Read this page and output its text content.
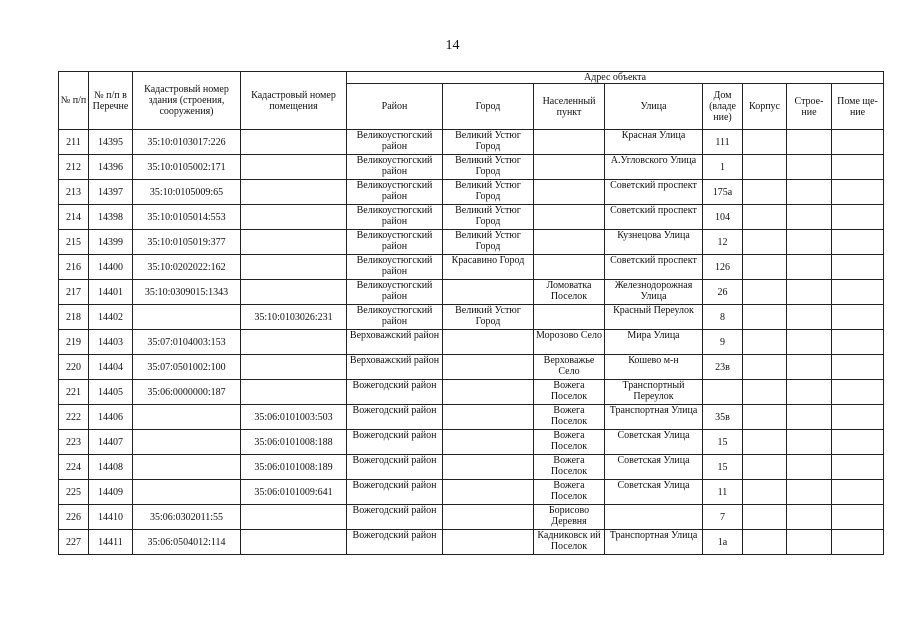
14
№ п/п	№ п/п в Перечне	Кадастровый номер здания (строения, сооружения)	Кадастровый номер помещения	Адрес объекта							
				Район	Город	Населенный пункт	Улица	Дом (владе ние)	Корпус	Строе- ние	Поме ще- ние
211	14395	35:10:0103017:226		Великоустюгский район	Великий Устюг Город		Красная Улица	111			
212	14396	35:10:0105002:171		Великоустюгский район	Великий Устюг Город		А.Угловского Улица	1			
213	14397	35:10:0105009:65		Великоустюгский район	Великий Устюг Город		Советский проспект	175а			
214	14398	35:10:0105014:553		Великоустюгский район	Великий Устюг Город		Советский проспект	104			
215	14399	35:10:0105019:377		Великоустюгский район	Великий Устюг Город		Кузнецова Улица	12			
216	14400	35:10:0202022:162		Великоустюгский район	Красавино Город		Советский проспект	126			
217	14401	35:10:0309015:1343		Великоустюгский район		Ломоватка Поселок	Железнодорожная Улица	26			
218	14402		35:10:0103026:231	Великоустюгский район	Великий Устюг Город		Красный Переулок	8			
219	14403	35:07:0104003:153		Верховажский район		Морозово Село	Мира Улица	9			
220	14404	35:07:0501002:100		Верховажский район		Верховажье Село	Кошево м-н	23в			
221	14405	35:06:0000000:187		Вожегодский район		Вожега Поселок	Транспортный Переулок				
222	14406		35:06:0101003:503	Вожегодский район		Вожега Поселок	Транспортная Улица	35в			
223	14407		35:06:0101008:188	Вожегодский район		Вожега Поселок	Советская Улица	15			
224	14408		35:06:0101008:189	Вожегодский район		Вожега Поселок	Советская Улица	15			
225	14409		35:06:0101009:641	Вожегодский район		Вожега Поселок	Советская Улица	11			
226	14410	35:06:0302011:55		Вожегодский район		Борисово Деревня		7			
227	14411	35:06:0504012:114		Вожегодский район		Кадниковск ий Поселок	Транспортная Улица	1а			
